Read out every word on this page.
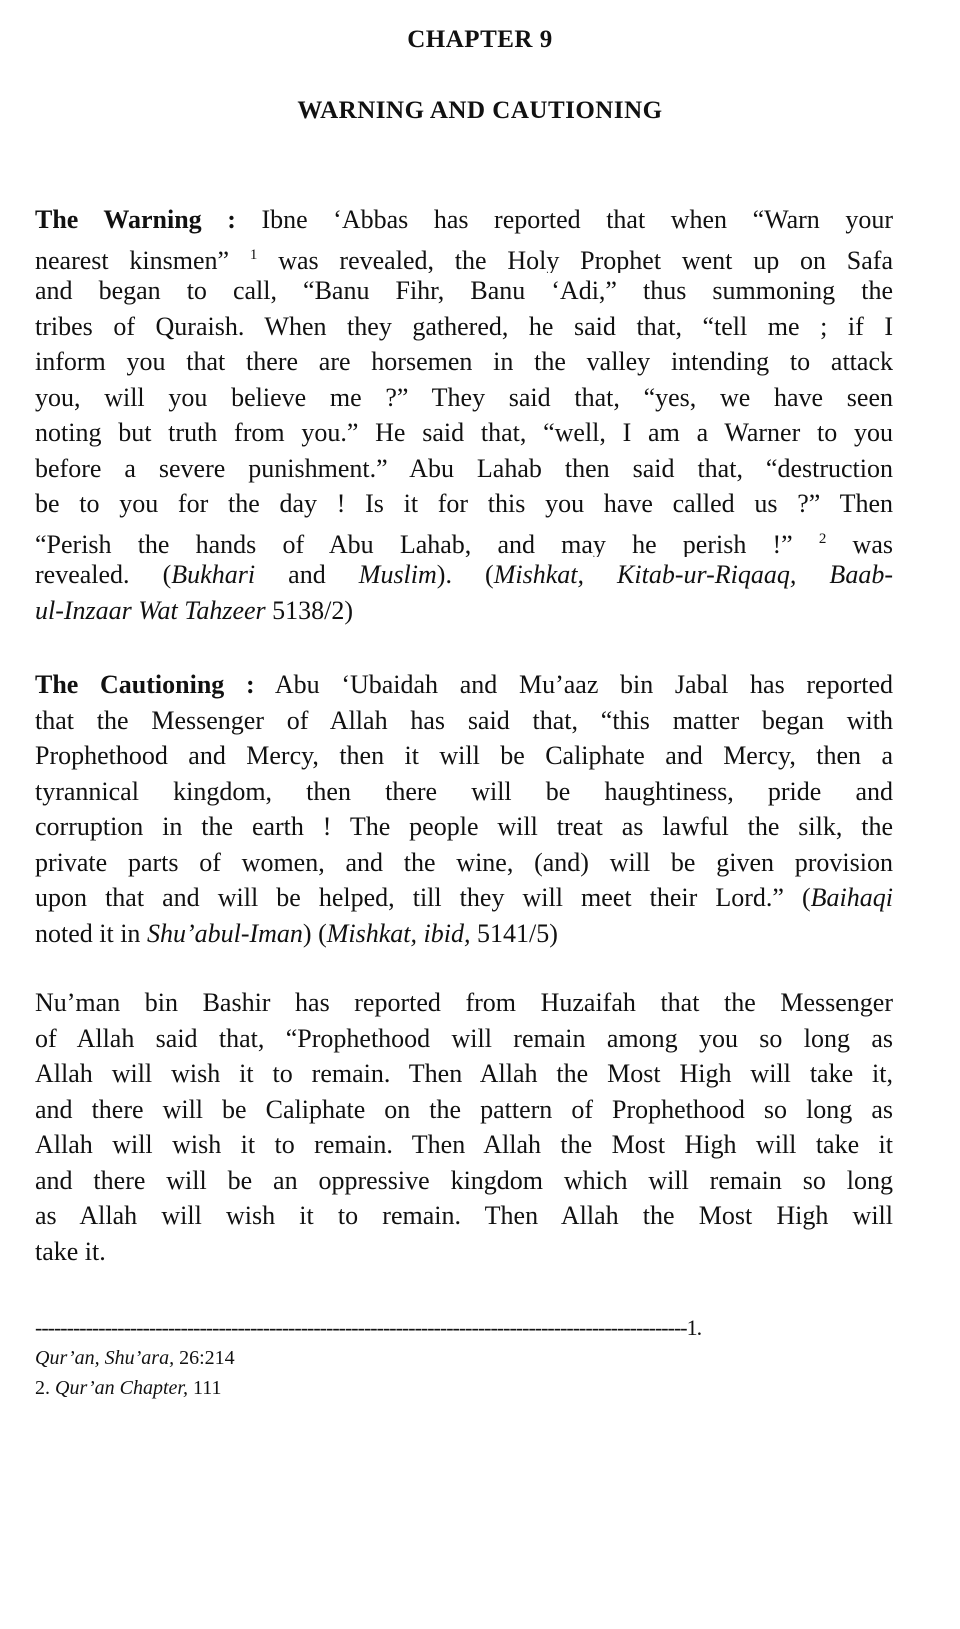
CHAPTER 9
WARNING AND CAUTIONING
The Warning : Ibne ‘Abbas has reported that when “Warn your
nearest kinsmen” $^1$ was revealed, the Holy Prophet went up on Safa
and began to call, “Banu Fihr, Banu ‘Adi,” thus summoning the
tribes of Quraish. When they gathered, he said that, “tell me ; if I
inform you that there are horsemen in the valley intending to attack
you, will you believe me ?” They said that, “yes, we have seen
noting but truth from you.” He said that, “well, I am a Warner to you
before a severe punishment.” Abu Lahab then said that, “destruction
be to you for the day ! Is it for this you have called us ?” Then
“Perish the hands of Abu Lahab, and may he perish !” $^2$ was
revealed. (Bukhari and Muslim). (Mishkat, Kitab-ur-Riqaaq, Baab-
ul-Inzaar Wat Tahzeer 5138/2)
The Cautioning : Abu ‘Ubaidah and Mu’aaz bin Jabal has reported
that the Messenger of Allah has said that, “this matter began with
Prophethood and Mercy, then it will be Caliphate and Mercy, then a
tyrannical kingdom, then there will be haughtiness, pride and
corruption in the earth ! The people will treat as lawful the silk, the
private parts of women, and the wine, (and) will be given provision
upon that and will be helped, till they will meet their Lord.” (Baihaqi
noted it in Shu’abul-Iman) (Mishkat, ibid, 5141/5)
Nu’man bin Bashir has reported from Huzaifah that the Messenger
of Allah said that, “Prophethood will remain among you so long as
Allah will wish it to remain. Then Allah the Most High will take it,
and there will be Caliphate on the pattern of Prophethood so long as
Allah will wish it to remain. Then Allah the Most High will take it
and there will be an oppressive kingdom which will remain so long
as Allah will wish it to remain. Then Allah the Most High will
take it.
-------------------------------------------------------------------------------------------------------1.
Qur’an, Shu’ara, 26:214
2. Qur’an Chapter, 111
